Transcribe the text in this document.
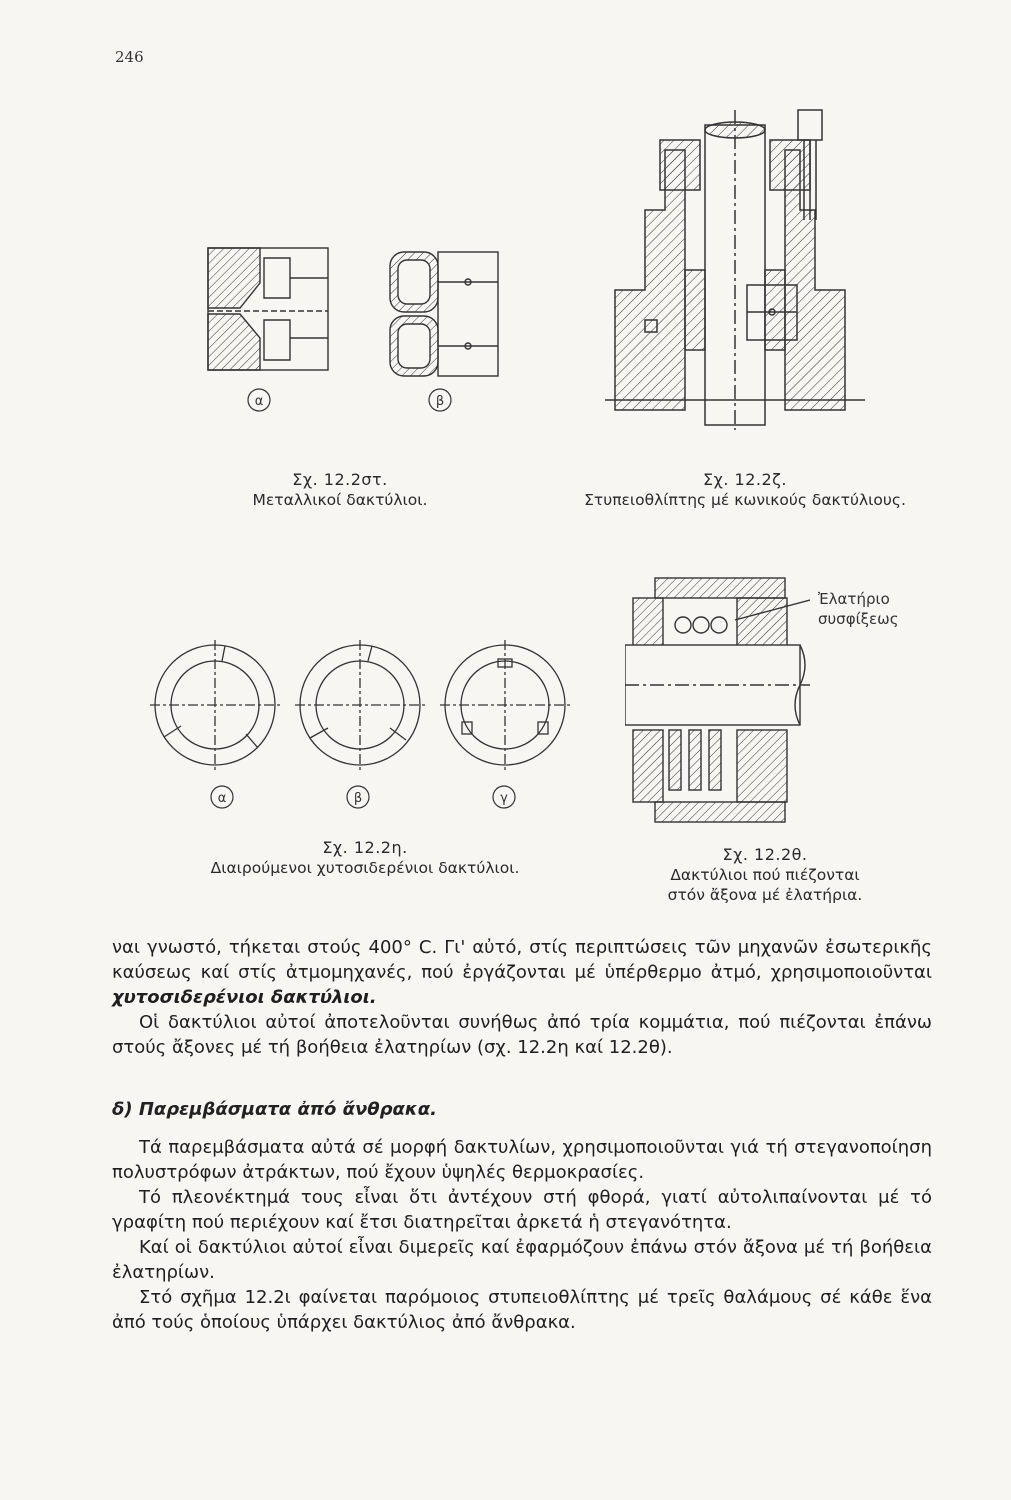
246
α	β
Σχ. 12.2στ.
Μεταλλικοί δακτύλιοι.
Σχ. 12.2ζ.
Στυπειοθλίπτης μέ κωνικούς δακτύλιους.
α	β	γ
Σχ. 12.2η.
Διαιρούμενοι χυτοσιδερένιοι δακτύλιοι.
Ἐλατήριο
συσφίξεως
Σχ. 12.2θ.
Δακτύλιοι πού πιέζονται
στόν ἄξονα μέ ἐλατήρια.

ναι γνωστό, τήκεται στούς 400° C. Γι' αὐτό, στίς περιπτώσεις τῶν μηχανῶν ἐσωτερικῆς καύσεως καί στίς ἀτμομηχανές, πού ἐργάζονται μέ ὑπέρθερμο ἀτμό, χρησιμοποιοῦνται χυτοσιδερένιοι δακτύλιοι.

Οἱ δακτύλιοι αὐτοί ἀποτελοῦνται συνήθως ἀπό τρία κομμάτια, πού πιέζονται ἐπάνω στούς ἄξονες μέ τή βοήθεια ἐλατηρίων (σχ. 12.2η καί 12.2θ).

δ) Παρεμβάσματα ἀπό ἄνθρακα.

Τά παρεμβάσματα αὐτά σέ μορφή δακτυλίων, χρησιμοποιοῦνται γιά τή στεγανοποίηση πολυστρόφων ἀτράκτων, πού ἔχουν ὑψηλές θερμοκρασίες.

Τό πλεονέκτημά τους εἶναι ὅτι ἀντέχουν στή φθορά, γιατί αὐτολιπαίνονται μέ τό γραφίτη πού περιέχουν καί ἔτσι διατηρεῖται ἀρκετά ἡ στεγανότητα.

Καί οἱ δακτύλιοι αὐτοί εἶναι διμερεῖς καί ἐφαρμόζουν ἐπάνω στόν ἄξονα μέ τή βοήθεια ἐλατηρίων.

Στό σχῆμα 12.2ι φαίνεται παρόμοιος στυπειοθλίπτης μέ τρεῖς θαλάμους σέ κάθε ἕνα ἀπό τούς ὁποίους ὑπάρχει δακτύλιος ἀπό ἄνθρακα.
